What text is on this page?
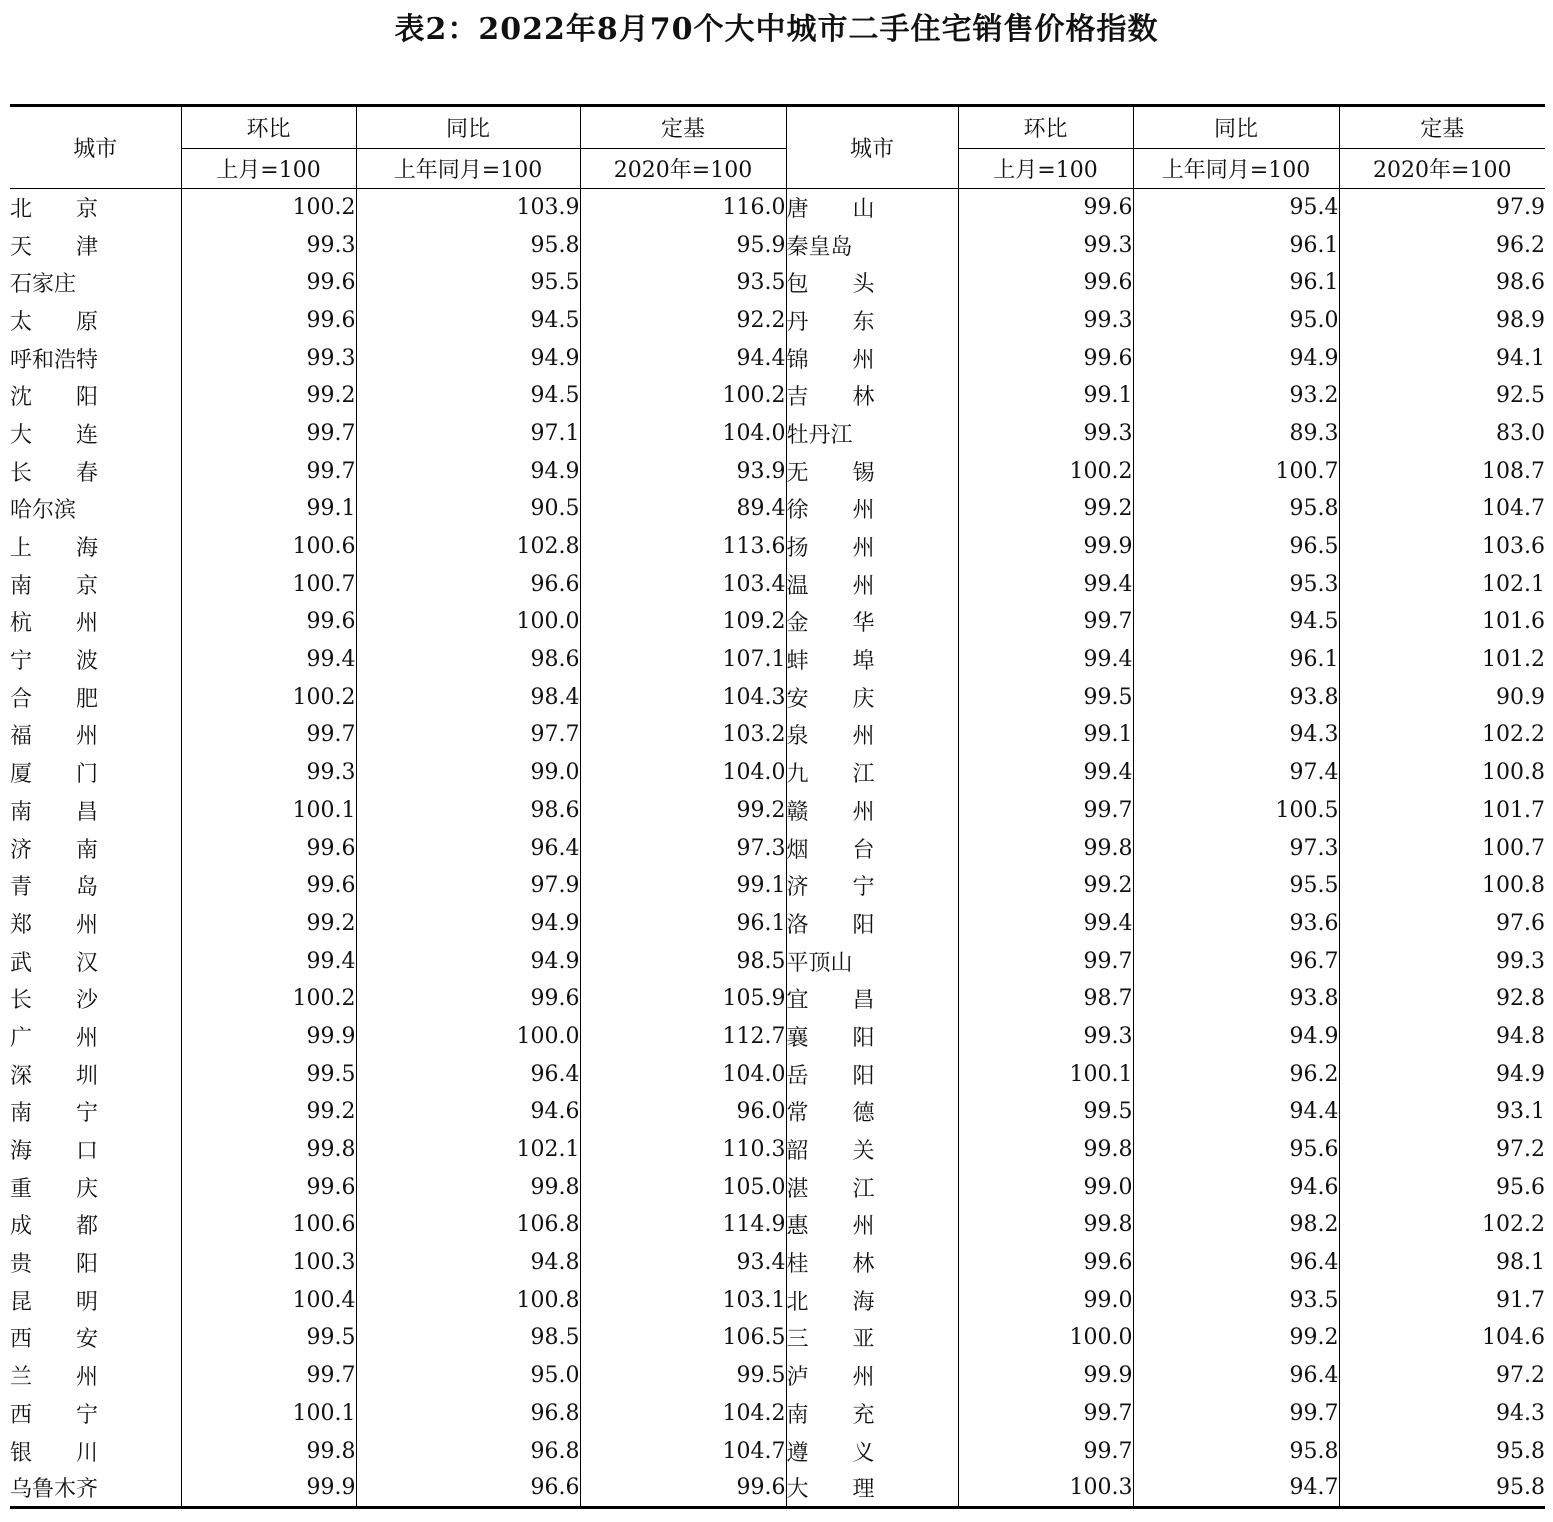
表2：2022年8月70个大中城市二手住宅销售价格指数
城市	环比	同比	定基	城市	环比	同比	定基
	上月=100	上年同月=100	2020年=100		上月=100	上年同月=100	2020年=100
北　　京	100.2	103.9	116.0	唐　　山	99.6	95.4	97.9
天　　津	99.3	95.8	95.9	秦皇岛	99.3	96.1	96.2
石家庄	99.6	95.5	93.5	包　　头	99.6	96.1	98.6
太　　原	99.6	94.5	92.2	丹　　东	99.3	95.0	98.9
呼和浩特	99.3	94.9	94.4	锦　　州	99.6	94.9	94.1
沈　　阳	99.2	94.5	100.2	吉　　林	99.1	93.2	92.5
大　　连	99.7	97.1	104.0	牡丹江	99.3	89.3	83.0
长　　春	99.7	94.9	93.9	无　　锡	100.2	100.7	108.7
哈尔滨	99.1	90.5	89.4	徐　　州	99.2	95.8	104.7
上　　海	100.6	102.8	113.6	扬　　州	99.9	96.5	103.6
南　　京	100.7	96.6	103.4	温　　州	99.4	95.3	102.1
杭　　州	99.6	100.0	109.2	金　　华	99.7	94.5	101.6
宁　　波	99.4	98.6	107.1	蚌　　埠	99.4	96.1	101.2
合　　肥	100.2	98.4	104.3	安　　庆	99.5	93.8	90.9
福　　州	99.7	97.7	103.2	泉　　州	99.1	94.3	102.2
厦　　门	99.3	99.0	104.0	九　　江	99.4	97.4	100.8
南　　昌	100.1	98.6	99.2	赣　　州	99.7	100.5	101.7
济　　南	99.6	96.4	97.3	烟　　台	99.8	97.3	100.7
青　　岛	99.6	97.9	99.1	济　　宁	99.2	95.5	100.8
郑　　州	99.2	94.9	96.1	洛　　阳	99.4	93.6	97.6
武　　汉	99.4	94.9	98.5	平顶山	99.7	96.7	99.3
长　　沙	100.2	99.6	105.9	宜　　昌	98.7	93.8	92.8
广　　州	99.9	100.0	112.7	襄　　阳	99.3	94.9	94.8
深　　圳	99.5	96.4	104.0	岳　　阳	100.1	96.2	94.9
南　　宁	99.2	94.6	96.0	常　　德	99.5	94.4	93.1
海　　口	99.8	102.1	110.3	韶　　关	99.8	95.6	97.2
重　　庆	99.6	99.8	105.0	湛　　江	99.0	94.6	95.6
成　　都	100.6	106.8	114.9	惠　　州	99.8	98.2	102.2
贵　　阳	100.3	94.8	93.4	桂　　林	99.6	96.4	98.1
昆　　明	100.4	100.8	103.1	北　　海	99.0	93.5	91.7
西　　安	99.5	98.5	106.5	三　　亚	100.0	99.2	104.6
兰　　州	99.7	95.0	99.5	泸　　州	99.9	96.4	97.2
西　　宁	100.1	96.8	104.2	南　　充	99.7	99.7	94.3
银　　川	99.8	96.8	104.7	遵　　义	99.7	95.8	95.8
乌鲁木齐	99.9	96.6	99.6	大　　理	100.3	94.7	95.8
